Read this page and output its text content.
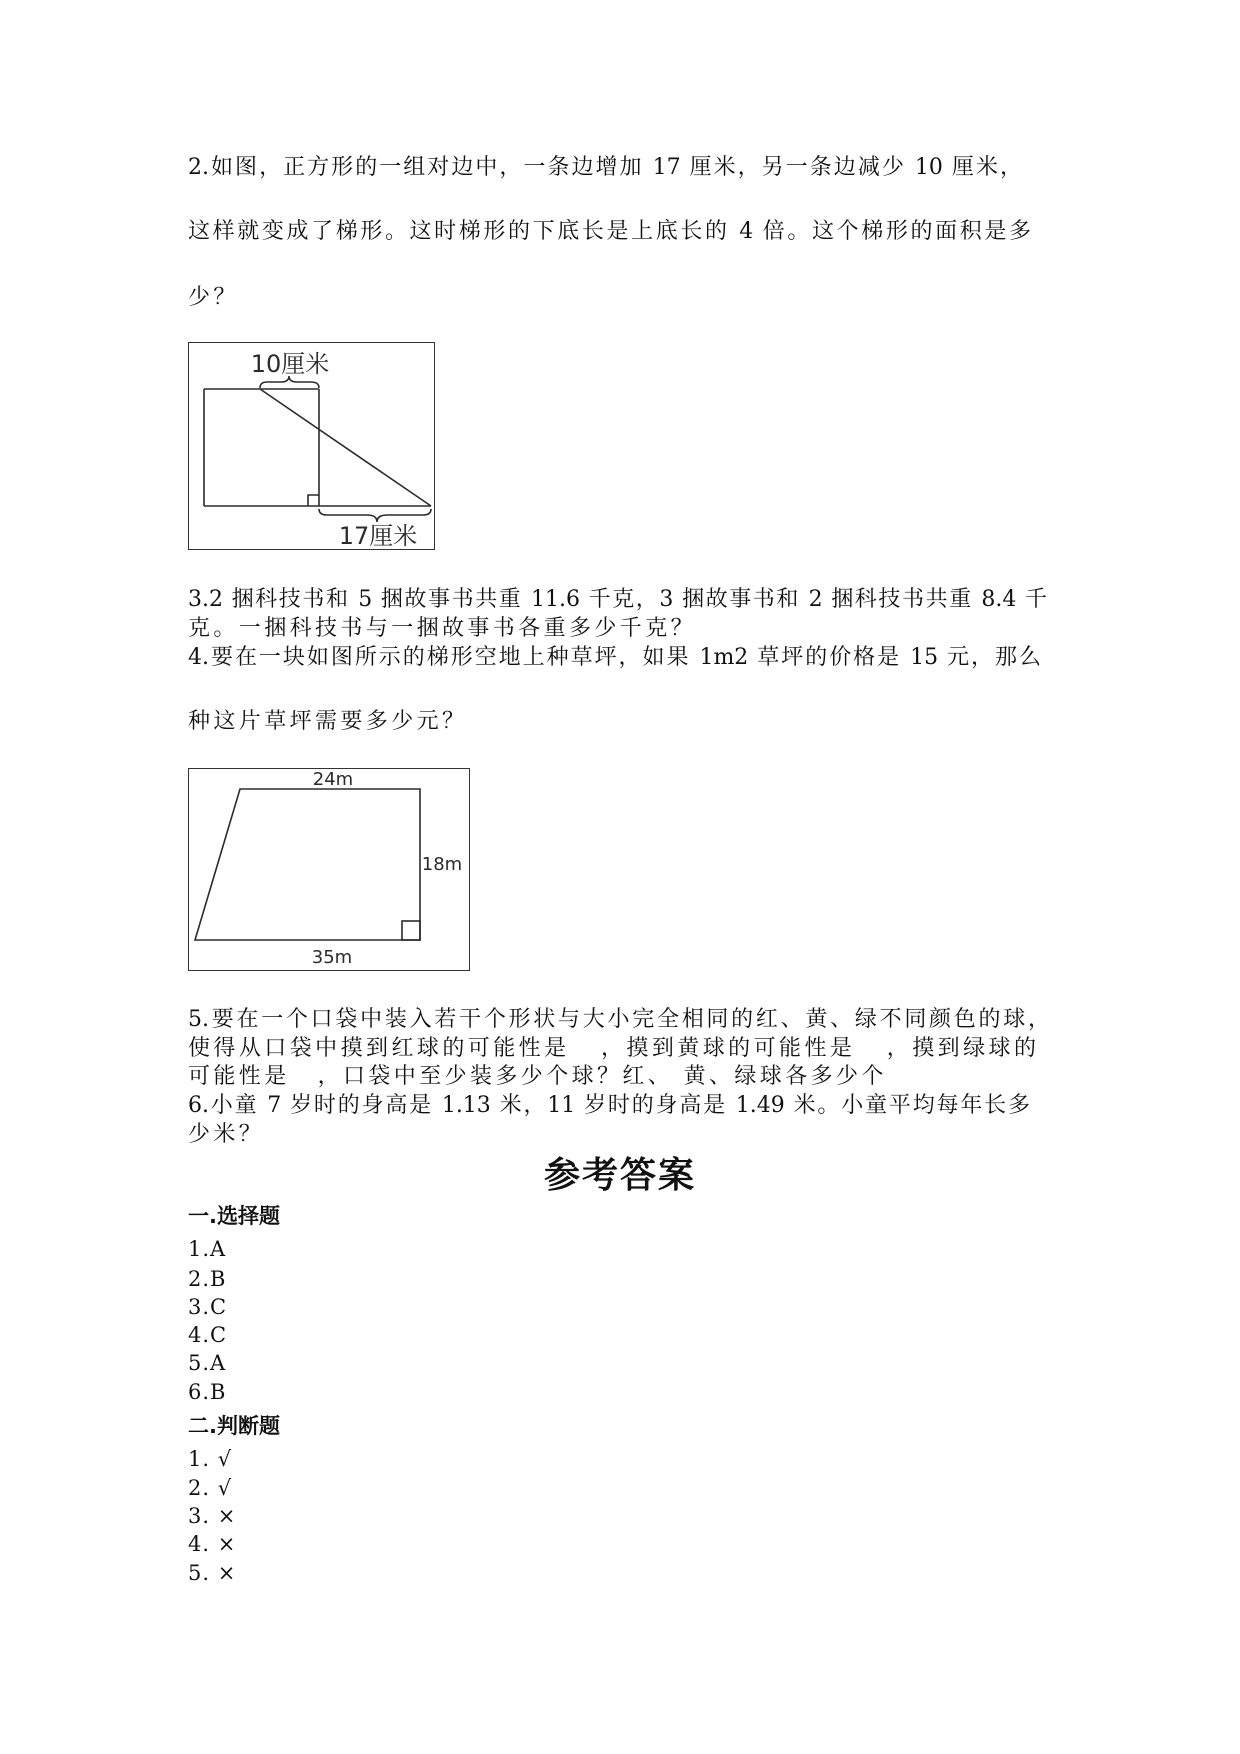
2.如图，正方形的一组对边中，一条边增加 17 厘米，另一条边减少 10 厘米，
这样就变成了梯形。这时梯形的下底长是上底长的 4 倍。这个梯形的面积是多
少？
10厘米
17厘米
3.2 捆科技书和 5 捆故事书共重 11.6 千克，3 捆故事书和 2 捆科技书共重 8.4 千
克。一捆科技书与一捆故事书各重多少千克？
4.要在一块如图所示的梯形空地上种草坪，如果 1m2 草坪的价格是 15 元，那么
种这片草坪需要多少元？
24m
18m
35m
5.要在一个口袋中装入若干个形状与大小完全相同的红、黄、绿不同颜色的球，
使得从口袋中摸到红球的可能性是 ，摸到黄球的可能性是 ，摸到绿球的
可能性是 ，口袋中至少装多少个球？红、 黄、绿球各多少个
6.小童 7 岁时的身高是 1.13 米，11 岁时的身高是 1.49 米。小童平均每年长多
少米？
参考答案
一.选择题
1.A
2.B
3.C
4.C
5.A
6.B
二.判断题
1. √
2. √
3. ×
4. ×
5. ×
